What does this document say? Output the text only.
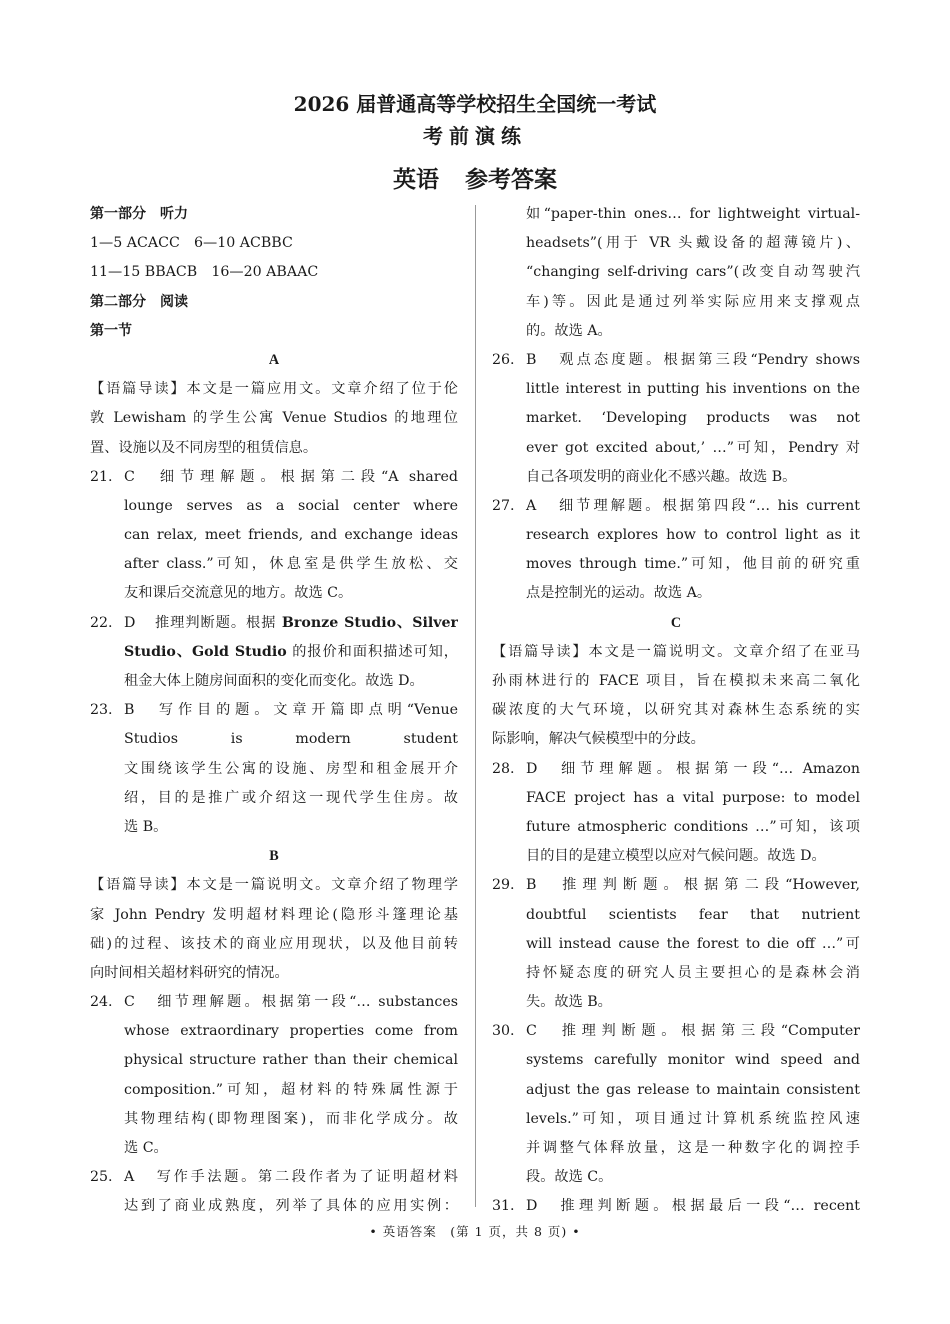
2026 届普通高等学校招生全国统一考试
考前演练
英语 参考答案
第一部分　听力
1—5 ACACC　6—10 ACBBC
11—15 BBACB　16—20 ABAAC
第二部分　阅读
第一节
A
【语篇导读】本文是一篇应用文。文章介绍了位于伦
敦 Lewisham 的学生公寓 Venue Studios 的地理位
置、设施以及不同房型的租赁信息。
21. C 细节理解题。根据第二段“A shared
lounge serves as a social center where
can relax, meet friends, and exchange ideas
after class.”可知，休息室是供学生放松、交
友和课后交流意见的地方。故选 C。
22. D 推理判断题。根据 Bronze Studio、Silver
Studio、Gold Studio 的报价和面积描述可知，
租金大体上随房间面积的变化而变化。故选 D。
23. B 写作目的题。文章开篇即点明“Venue
Studios is modern student
文围绕该学生公寓的设施、房型和租金展开介
绍，目的是推广或介绍这一现代学生住房。故
选 B。
B
【语篇导读】本文是一篇说明文。文章介绍了物理学
家 John Pendry 发明超材料理论(隐形斗篷理论基
础)的过程、该技术的商业应用现状，以及他目前转
向时间相关超材料研究的情况。
24. C 细节理解题。根据第一段“… substances
whose extraordinary properties come from
physical structure rather than their chemical
composition.”可知，超材料的特殊属性源于
其物理结构(即物理图案)，而非化学成分。故
选 C。
25. A 写作手法题。第二段作者为了证明超材料
达到了商业成熟度，列举了具体的应用实例：
如“paper-thin ones… for lightweight virtual-
headsets”(用于 VR 头戴设备的超薄镜片)、
“changing self-driving cars”(改变自动驾驶汽
车)等。因此是通过列举实际应用来支撑观点
的。故选 A。
26. B 观点态度题。根据第三段“Pendry shows
little interest in putting his inventions on the
market. ‘Developing products was not
ever got excited about,’ …”可知，Pendry 对
自己各项发明的商业化不感兴趣。故选 B。
27. A 细节理解题。根据第四段“… his current
research explores how to control light as it
moves through time.”可知，他目前的研究重
点是控制光的运动。故选 A。
C
【语篇导读】本文是一篇说明文。文章介绍了在亚马
孙雨林进行的 FACE 项目，旨在模拟未来高二氧化
碳浓度的大气环境，以研究其对森林生态系统的实
际影响，解决气候模型中的分歧。
28. D 细节理解题。根据第一段“… Amazon
FACE project has a vital purpose: to model
future atmospheric conditions …”可知，该项
目的目的是建立模型以应对气候问题。故选 D。
29. B 推理判断题。根据第二段“However,
doubtful scientists fear that nutrient
will instead cause the forest to die off …”可
持怀疑态度的研究人员主要担心的是森林会消
失。故选 B。
30. C 推理判断题。根据第三段“Computer
systems carefully monitor wind speed and
adjust the gas release to maintain consistent
levels.”可知，项目通过计算机系统监控风速
并调整气体释放量，这是一种数字化的调控手
段。故选 C。
31. D 推理判断题。根据最后一段“… recent
• 英语答案　(第 1 页，共 8 页) •
